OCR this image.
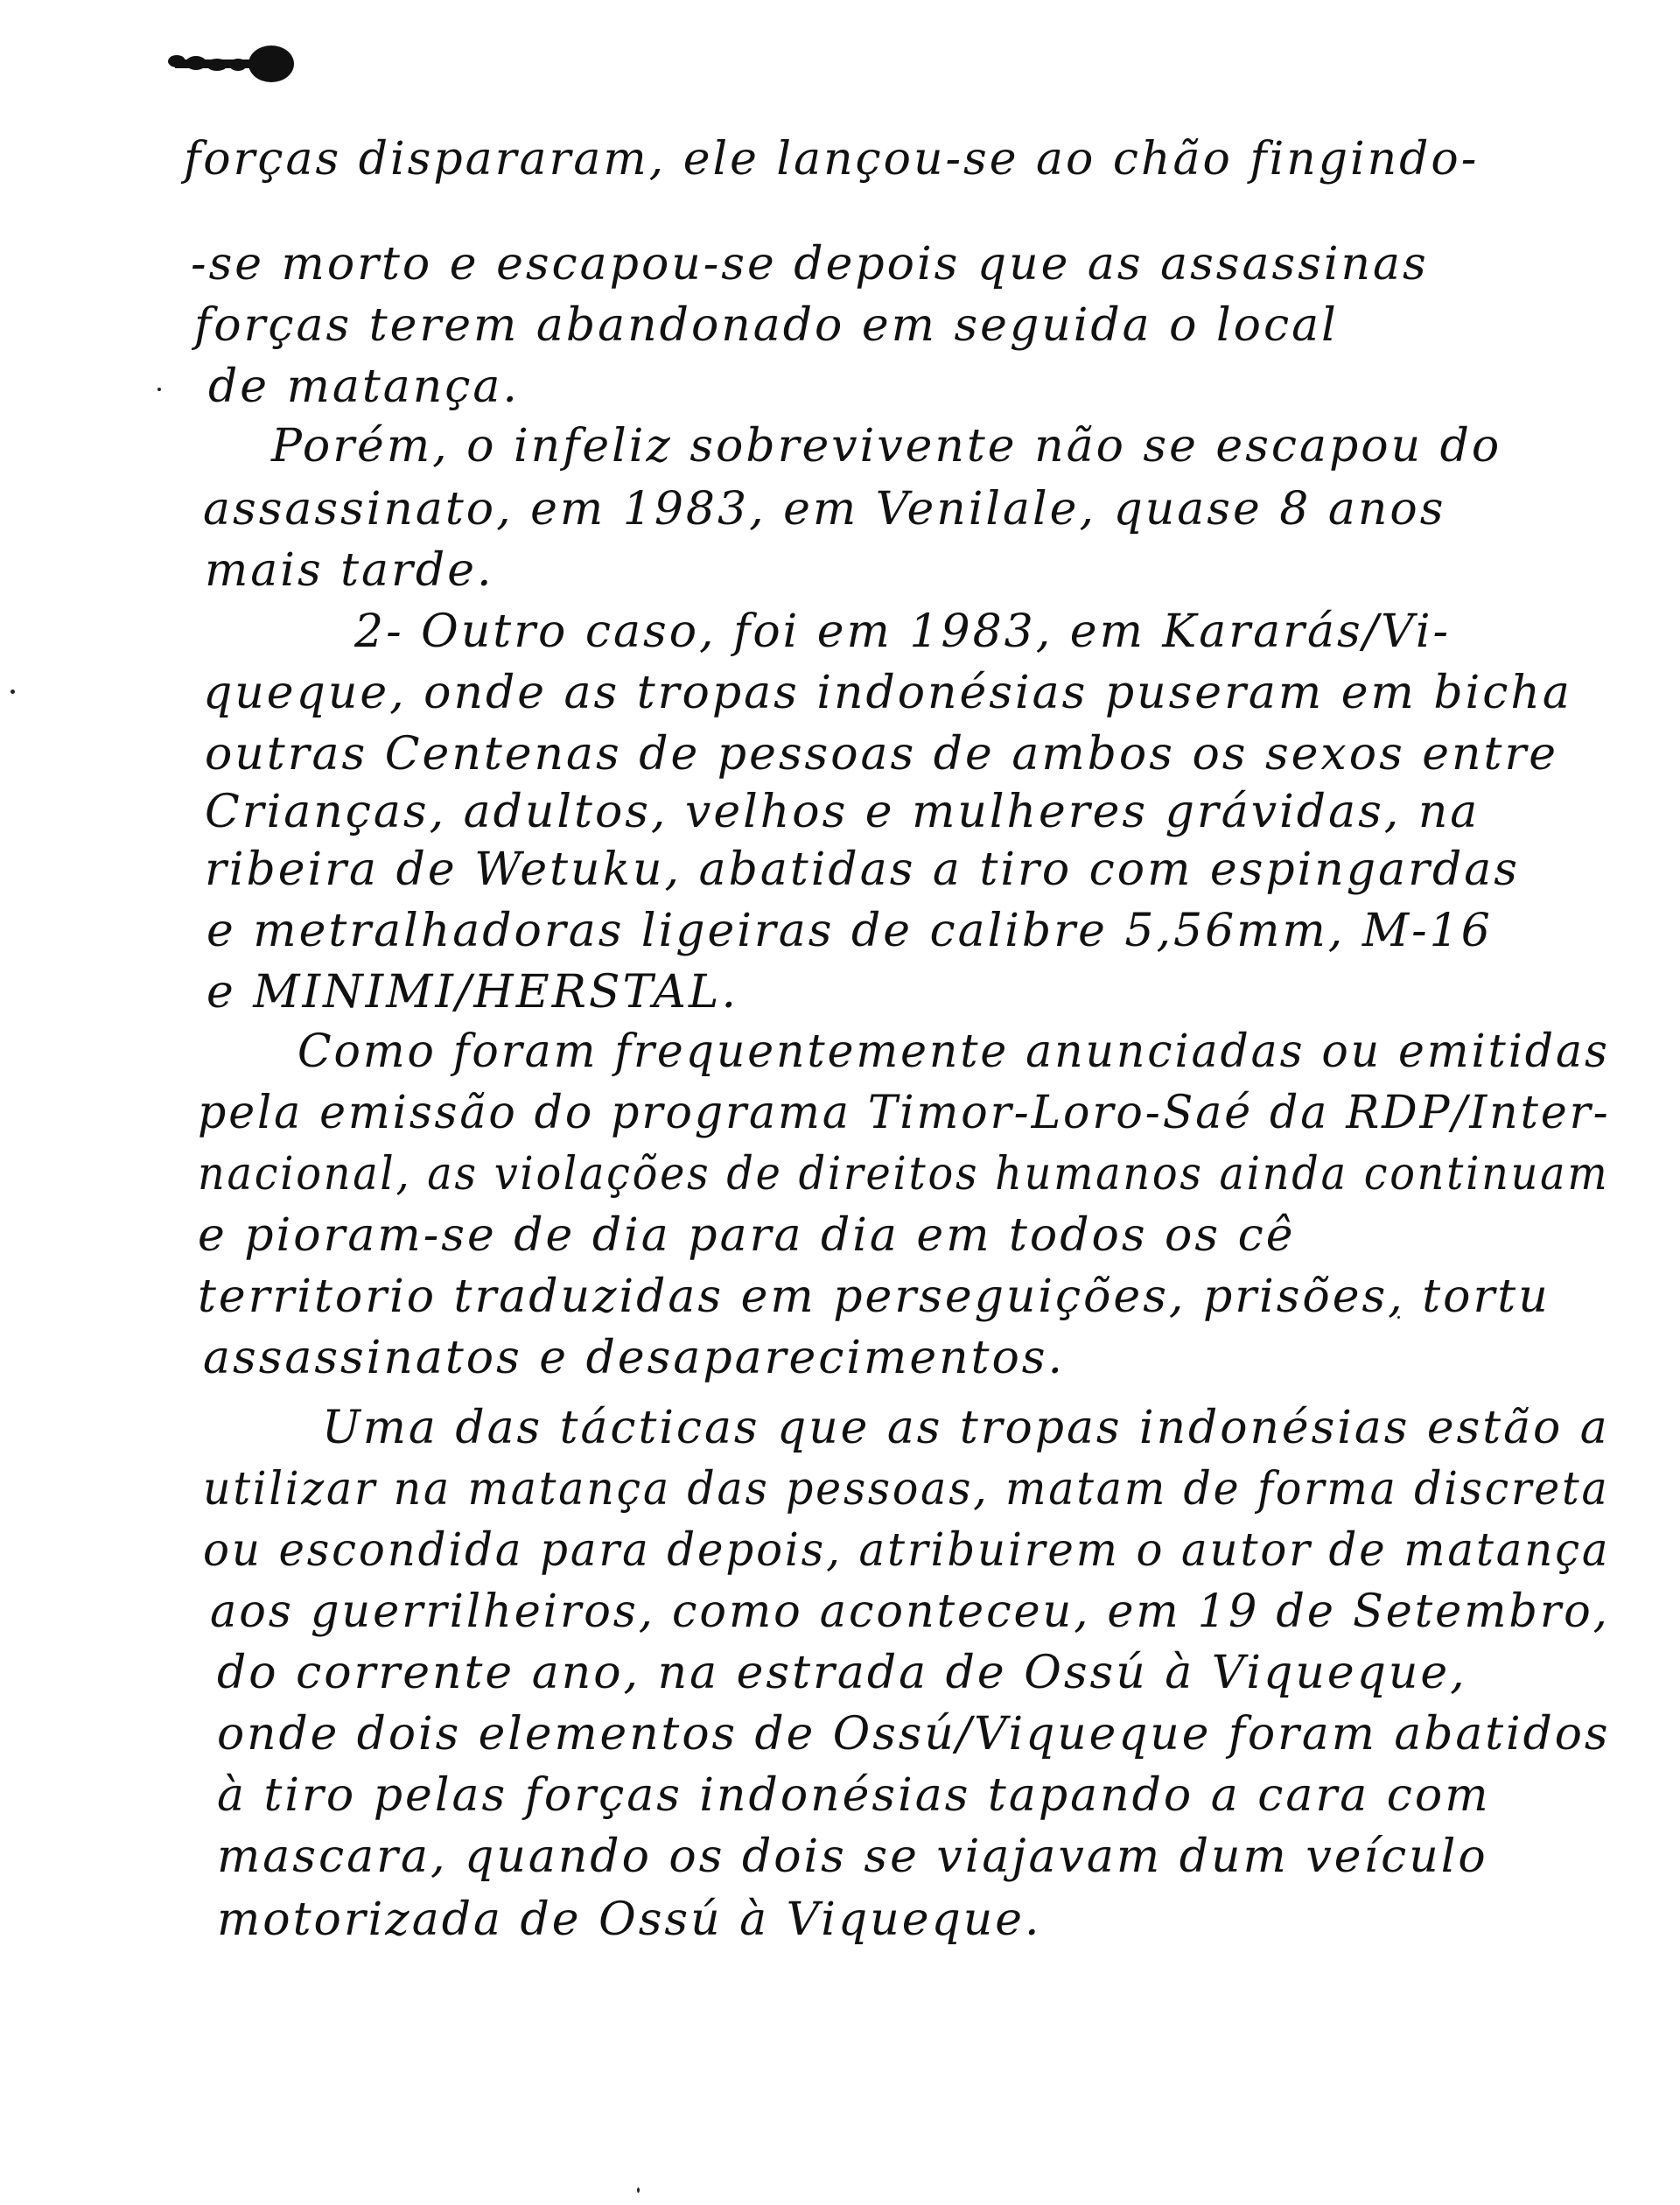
forças dispararam, ele lançou-se ao chão fingindo-
-se morto e escapou-se depois que as assassinas
forças terem abandonado em seguida o local
de matança.
Porém, o infeliz sobrevivente não se escapou do
assassinato, em 1983, em Venilale, quase 8 anos
mais tarde.
2- Outro caso, foi em 1983, em Kararás/Vi-
queque, onde as tropas indonésias puseram em bicha
outras Centenas de pessoas de ambos os sexos entre
Crianças, adultos, velhos e mulheres grávidas, na
ribeira de Wetuku, abatidas a tiro com espingardas
e metralhadoras ligeiras de calibre 5,56mm, M-16
e MINIMI/HERSTAL.
Como foram frequentemente anunciadas ou emitidas
pela emissão do programa Timor-Loro-Saé da RDP/Inter-
nacional, as violações de direitos humanos ainda continuam
e pioram-se de dia para dia em todos os cê
territorio traduzidas em perseguições, prisões, tortu
assassinatos e desaparecimentos.
Uma das tácticas que as tropas indonésias estão a
utilizar na matança das pessoas, matam de forma discreta
ou escondida para depois, atribuirem o autor de matança
aos guerrilheiros, como aconteceu, em 19 de Setembro,
do corrente ano, na estrada de Ossú à Viqueque,
onde dois elementos de Ossú/Viqueque foram abatidos
à tiro pelas forças indonésias tapando a cara com
mascara, quando os dois se viajavam dum veículo
motorizada de Ossú à Viqueque.
